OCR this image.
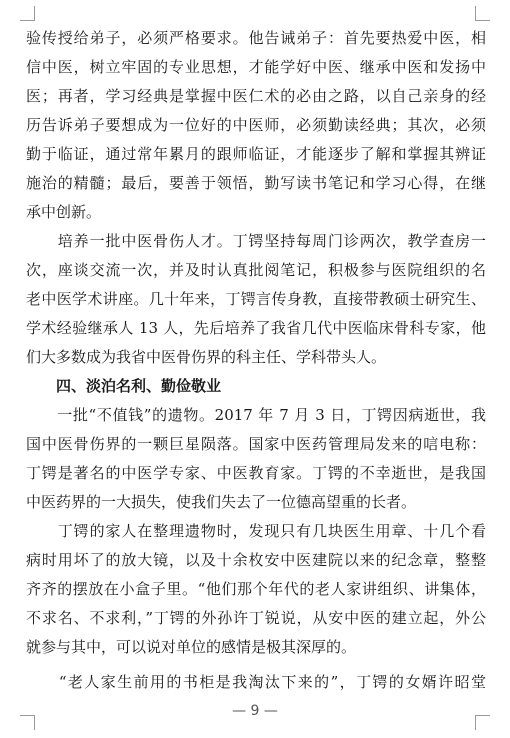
验传授给弟子，必须严格要求。他告诫弟子：首先要热爱中医，相
信中医，树立牢固的专业思想，才能学好中医、继承中医和发扬中
医；再者，学习经典是掌握中医仁术的必由之路，以自己亲身的经
历告诉弟子要想成为一位好的中医师，必须勤读经典；其次，必须
勤于临证，通过常年累月的跟师临证，才能逐步了解和掌握其辨证
施治的精髓；最后，要善于领悟，勤写读书笔记和学习心得，在继
承中创新。
　　培养一批中医骨伤人才。丁锷坚持每周门诊两次，教学查房一
次，座谈交流一次，并及时认真批阅笔记，积极参与医院组织的名
老中医学术讲座。几十年来，丁锷言传身教，直接带教硕士研究生、
学术经验继承人 13 人，先后培养了我省几代中医临床骨科专家，他
们大多数成为我省中医骨伤界的科主任、学科带头人。
　　四、淡泊名利、勤俭敬业
　　一批“不值钱”的遗物。2017 年 7 月 3 日，丁锷因病逝世，我
国中医骨伤界的一颗巨星陨落。国家中医药管理局发来的唁电称：
丁锷是著名的中医学专家、中医教育家。丁锷的不幸逝世，是我国
中医药界的一大损失，使我们失去了一位德高望重的长者。
　　丁锷的家人在整理遗物时，发现只有几块医生用章、十几个看
病时用坏了的放大镜，以及十余枚安中医建院以来的纪念章，整整
齐齐的摆放在小盒子里。“他们那个年代的老人家讲组织、讲集体，
不求名、不求利，”丁锷的外孙许丁锐说，从安中医的建立起，外公
就参与其中，可以说对单位的感情是极其深厚的。
　　“老人家生前用的书柜是我淘汰下来的”，丁锷的女婿许昭堂
— 9 —
